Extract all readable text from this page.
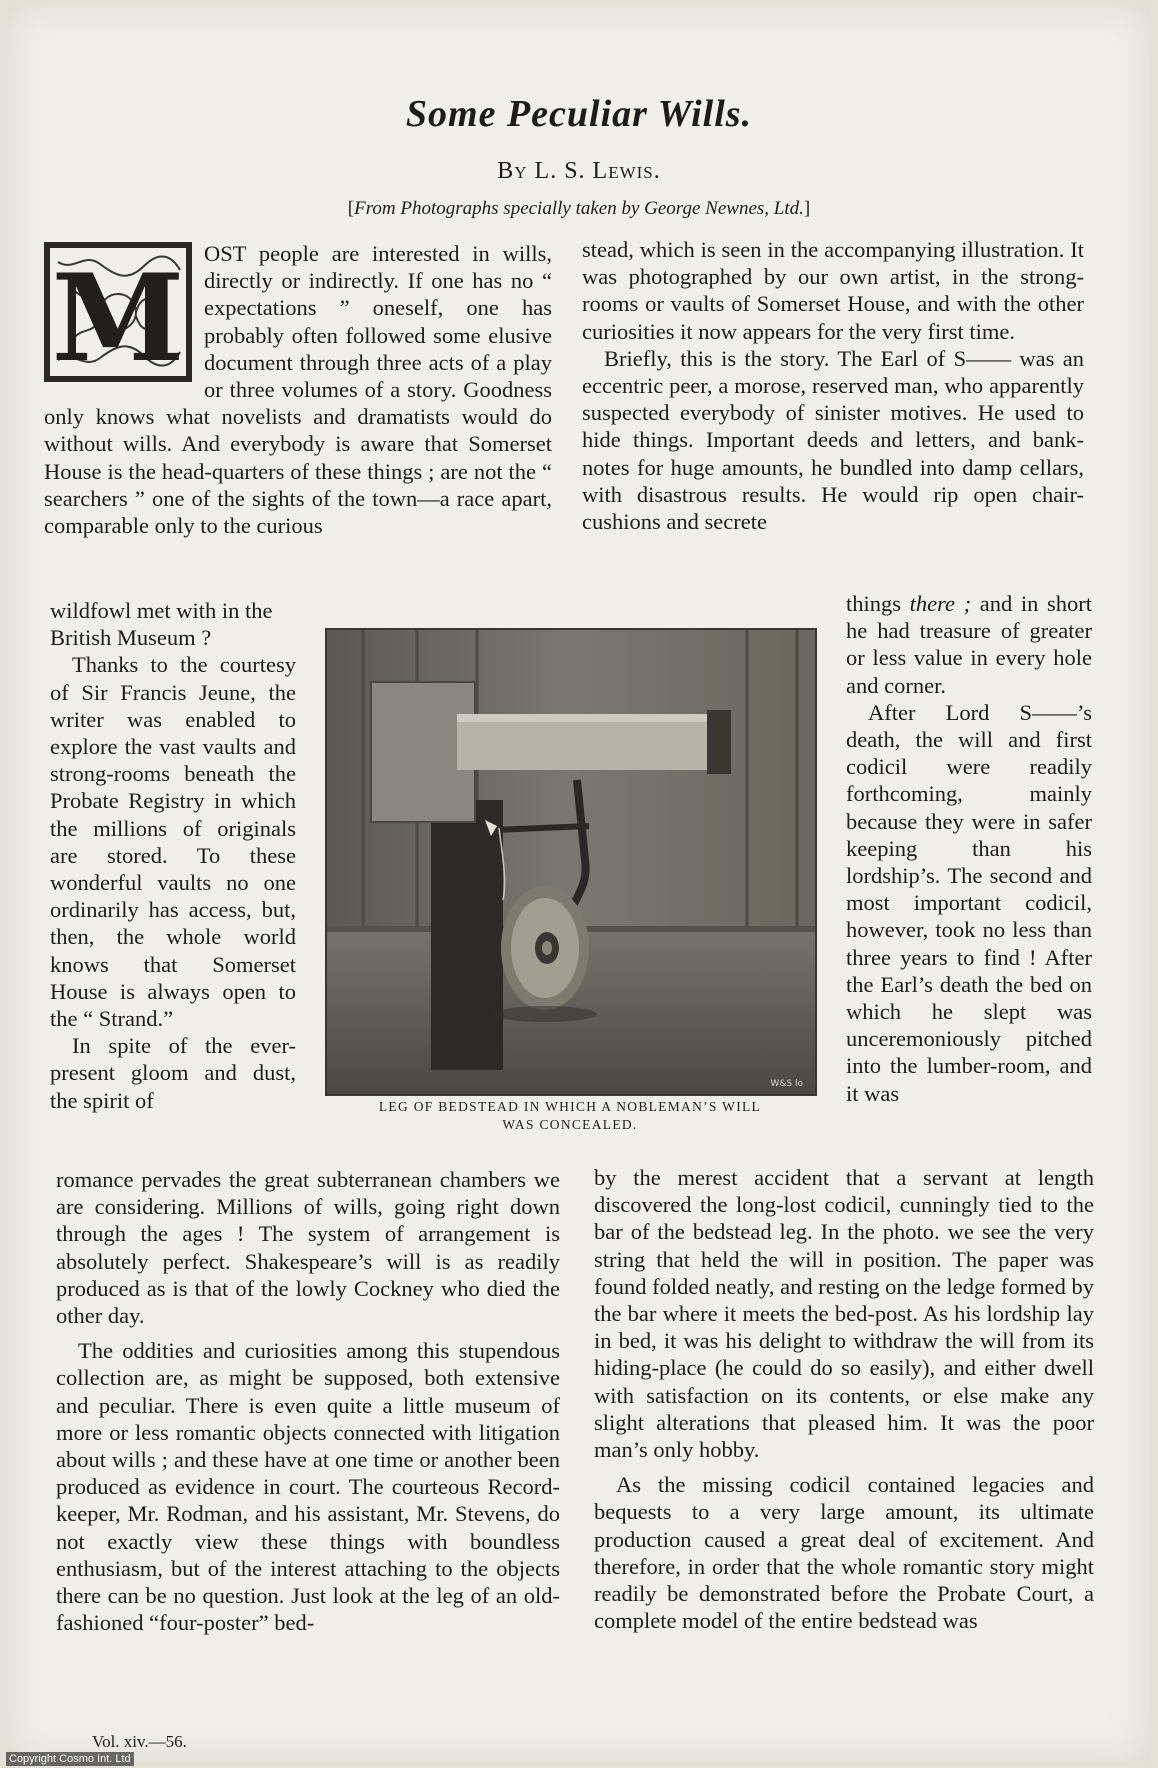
Some Peculiar Wills.
By L. S. Lewis.
[From Photographs specially taken by George Newnes, Ltd.]
M OST people are interested in wills, directly or indirectly. If one has no “ expectations ” oneself, one has probably often followed some elusive document through three acts of a play or three volumes of a story. Goodness only knows what novelists and dramatists would do without wills. And everybody is aware that Somerset House is the head-quarters of these things ; are not the “ searchers ” one of the sights of the town—a race apart, comparable only to the curious

wildfowl met with in the British Museum ?

Thanks to the courtesy of Sir Francis Jeune, the writer was enabled to explore the vast vaults and strong-rooms beneath the Probate Registry in which the millions of originals are stored. To these wonderful vaults no one ordinarily has access, but, then, the whole world knows that Somerset House is always open to the “ Strand.”

In spite of the ever-present gloom and dust, the spirit of

romance pervades the great subterranean chambers we are considering. Millions of wills, going right down through the ages ! The system of arrangement is absolutely perfect. Shakespeare’s will is as readily produced as is that of the lowly Cockney who died the other day.

The oddities and curiosities among this stupendous collection are, as might be supposed, both extensive and peculiar. There is even quite a little museum of more or less romantic objects connected with litigation about wills ; and these have at one time or another been produced as evidence in court. The courteous Record-keeper, Mr. Rodman, and his assistant, Mr. Stevens, do not exactly view these things with boundless enthusiasm, but of the interest attaching to the objects there can be no question. Just look at the leg of an old-fashioned “four-poster” bed-

stead, which is seen in the accompanying illustration. It was photographed by our own artist, in the strong-rooms or vaults of Somerset House, and with the other curiosities it now appears for the very first time.

Briefly, this is the story. The Earl of S—— was an eccentric peer, a morose, reserved man, who apparently suspected everybody of sinister motives. He used to hide things. Important deeds and letters, and bank-notes for huge amounts, he bundled into damp cellars, with disastrous results. He would rip open chair-cushions and secrete

things there ; and in short he had treasure of greater or less value in every hole and corner.

After Lord S——’s death, the will and first codicil were readily forthcoming, mainly because they were in safer keeping than his lordship’s. The second and most important codicil, however, took no less than three years to find ! After the Earl’s death the bed on which he slept was unceremoniously pitched into the lumber-room, and it was

by the merest accident that a servant at length discovered the long-lost codicil, cunningly tied to the bar of the bedstead leg. In the photo. we see the very string that held the will in position. The paper was found folded neatly, and resting on the ledge formed by the bar where it meets the bed-post. As his lordship lay in bed, it was his delight to withdraw the will from its hiding-place (he could do so easily), and either dwell with satisfaction on its contents, or else make any slight alterations that pleased him. It was the poor man’s only hobby.

As the missing codicil contained legacies and bequests to a very large amount, its ultimate production caused a great deal of excitement. And therefore, in order that the whole romantic story might readily be demonstrated before the Probate Court, a complete model of the entire bedstead was

W&S lo
LEG OF BEDSTEAD IN WHICH A NOBLEMAN’S WILL
WAS CONCEALED.
Vol. xiv.—56.
Copyright Cosmo Int. Ltd
